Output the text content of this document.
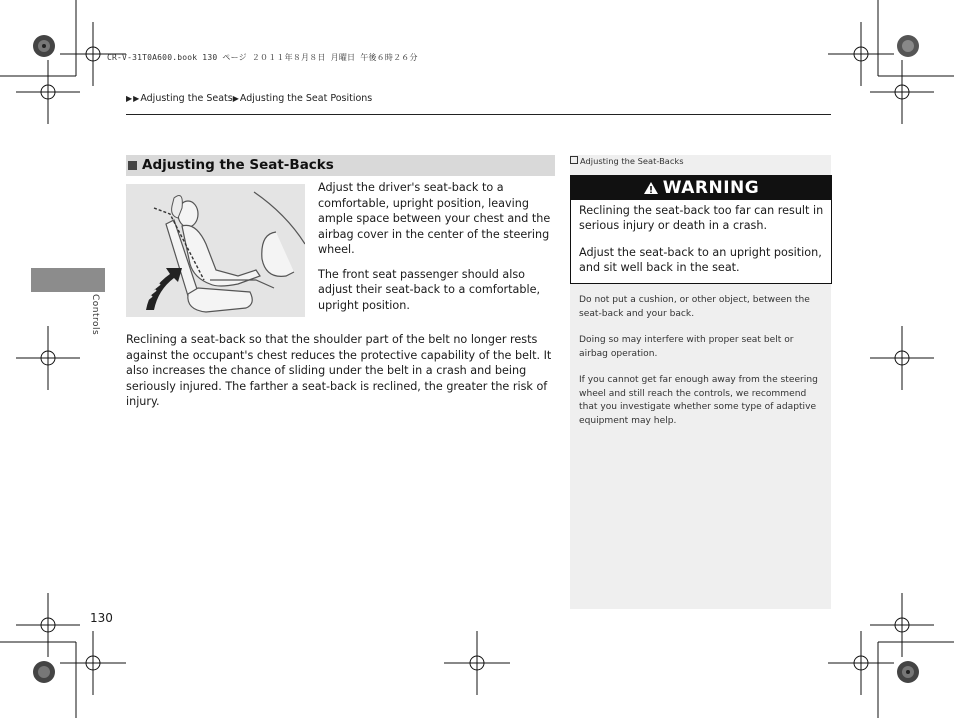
CR-V-31T0A600.book 130 ページ ２０１１年８月８日 月曜日 午後６時２６分
▶▶Adjusting the Seats▶Adjusting the Seat Positions
Controls
Adjusting the Seat-Backs

Adjust the driver's seat-back to a comfortable, upright position, leaving ample space between your chest and the airbag cover in the center of the steering wheel.

The front seat passenger should also adjust their seat-back to a comfortable, upright position.

Reclining a seat-back so that the shoulder part of the belt no longer rests against the occupant's chest reduces the protective capability of the belt. It also increases the chance of sliding under the belt in a crash and being seriously injured. The farther a seat-back is reclined, the greater the risk of injury.
Adjusting the Seat-Backs
WARNING

Reclining the seat-back too far can result in serious injury or death in a crash.

Adjust the seat-back to an upright position, and sit well back in the seat.

Do not put a cushion, or other object, between the seat-back and your back.

Doing so may interfere with proper seat belt or airbag operation.

If you cannot get far enough away from the steering wheel and still reach the controls, we recommend that you investigate whether some type of adaptive equipment may help.

130
